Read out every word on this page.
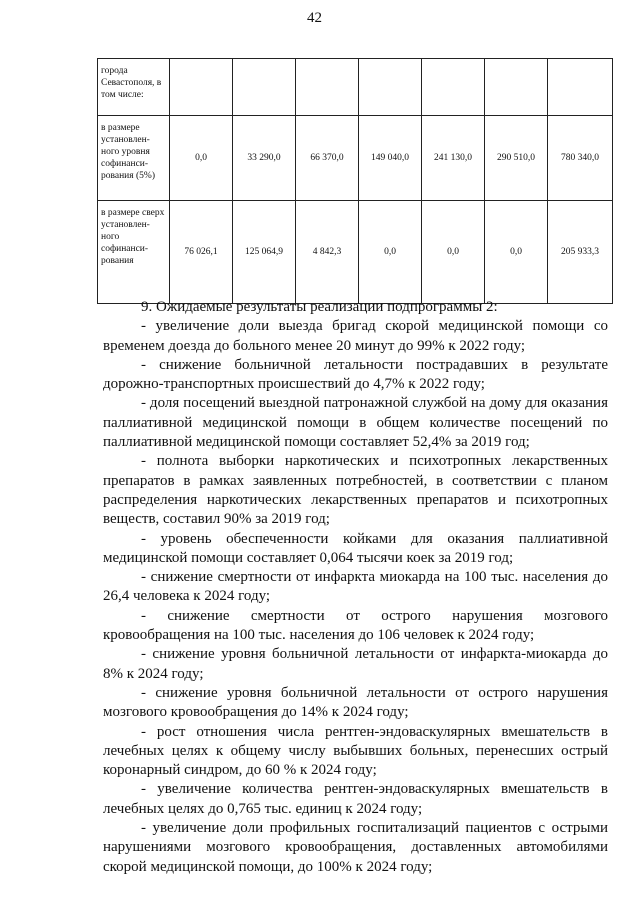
42
города Севастополя, в том числе:							
в размере установлен-ного уровня софинанси-рования (5%)	0,0	33 290,0	66 370,0	149 040,0	241 130,0	290 510,0	780 340,0
в размере сверх установлен-ного софинанси-рования	76 026,1	125 064,9	4 842,3	0,0	0,0	0,0	205 933,3

9. Ожидаемые результаты реализации подпрограммы 2:

- увеличение доли выезда бригад скорой медицинской помощи со временем доезда до больного менее 20 минут до 99% к 2022 году;

- снижение больничной летальности пострадавших в результате дорожно-транспортных происшествий до 4,7% к 2022 году;

- доля посещений выездной патронажной службой на дому для оказания паллиативной медицинской помощи в общем количестве посещений по паллиативной медицинской помощи составляет 52,4% за 2019 год;

- полнота выборки наркотических и психотропных лекарственных препаратов в рамках заявленных потребностей, в соответствии с планом распределения наркотических лекарственных препаратов и психотропных веществ, составил 90% за 2019 год;

- уровень обеспеченности койками для оказания паллиативной медицинской помощи составляет 0,064 тысячи коек за 2019 год;

- снижение смертности от инфаркта миокарда на 100 тыс. населения до 26,4 человека к 2024 году;

- снижение смертности от острого нарушения мозгового кровообращения на 100 тыс. населения до 106 человек к 2024 году;

- снижение уровня больничной летальности от инфаркта-миокарда до 8% к 2024 году;

- снижение уровня больничной летальности от острого нарушения мозгового кровообращения до 14% к 2024 году;

- рост отношения числа рентген-эндоваскулярных вмешательств в лечебных целях к общему числу выбывших больных, перенесших острый коронарный синдром, до 60 % к 2024 году;

- увеличение количества рентген-эндоваскулярных вмешательств в лечебных целях до 0,765 тыс. единиц к 2024 году;

- увеличение доли профильных госпитализаций пациентов с острыми нарушениями мозгового кровообращения, доставленных автомобилями скорой медицинской помощи, до 100% к 2024 году;
